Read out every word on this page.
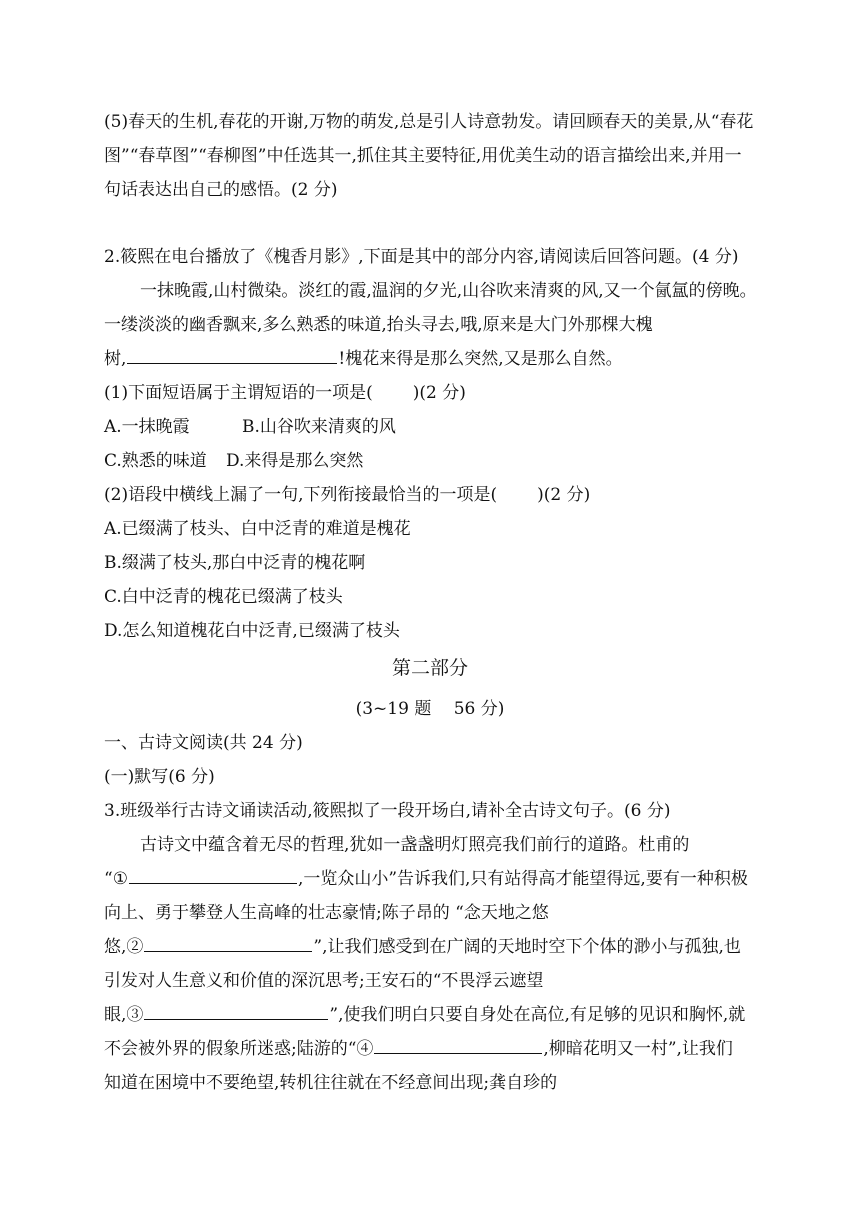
(5)春天的生机,春花的开谢,万物的萌发,总是引人诗意勃发。请回顾春天的美景,从“春花
图”“春草图”“春柳图”中任选其一,抓住其主要特征,用优美生动的语言描绘出来,并用一
句话表达出自己的感悟。(2 分)
2.筱熙在电台播放了《槐香月影》,下面是其中的部分内容,请阅读后回答问题。(4 分)
一抹晚霞,山村微染。淡红的霞,温润的夕光,山谷吹来清爽的风,又一个氤氲的傍晚。
一缕淡淡的幽香飘来,多么熟悉的味道,抬头寻去,哦,原来是大门外那棵大槐
树,	!槐花来得是那么突然,又是那么自然。
(1)下面短语属于主谓短语的一项是( )(2 分)
A.一抹晚霞	B.山谷吹来清爽的风
C.熟悉的味道 D.来得是那么突然
(2)语段中横线上漏了一句,下列衔接最恰当的一项是( )(2 分)
A.已缀满了枝头、白中泛青的难道是槐花
B.缀满了枝头,那白中泛青的槐花啊
C.白中泛青的槐花已缀满了枝头
D.怎么知道槐花白中泛青,已缀满了枝头
第二部分
(3~19 题　 56 分)
一、古诗文阅读(共 24 分)
(一)默写(6 分)
3.班级举行古诗文诵读活动,筱熙拟了一段开场白,请补全古诗文句子。(6 分)
古诗文中蕴含着无尽的哲理,犹如一盏盏明灯照亮我们前行的道路。杜甫的
“①	,一览众山小”告诉我们,只有站得高才能望得远,要有一种积极
向上、勇于攀登人生高峰的壮志豪情;陈子昂的 “念天地之悠
悠,②	”,让我们感受到在广阔的天地时空下个体的渺小与孤独,也
引发对人生意义和价值的深沉思考;王安石的“不畏浮云遮望
眼,③	”,使我们明白只要自身处在高位,有足够的见识和胸怀,就
不会被外界的假象所迷惑;陆游的“④	,柳暗花明又一村”,让我们
知道在困境中不要绝望,转机往往就在不经意间出现;龚自珍的
